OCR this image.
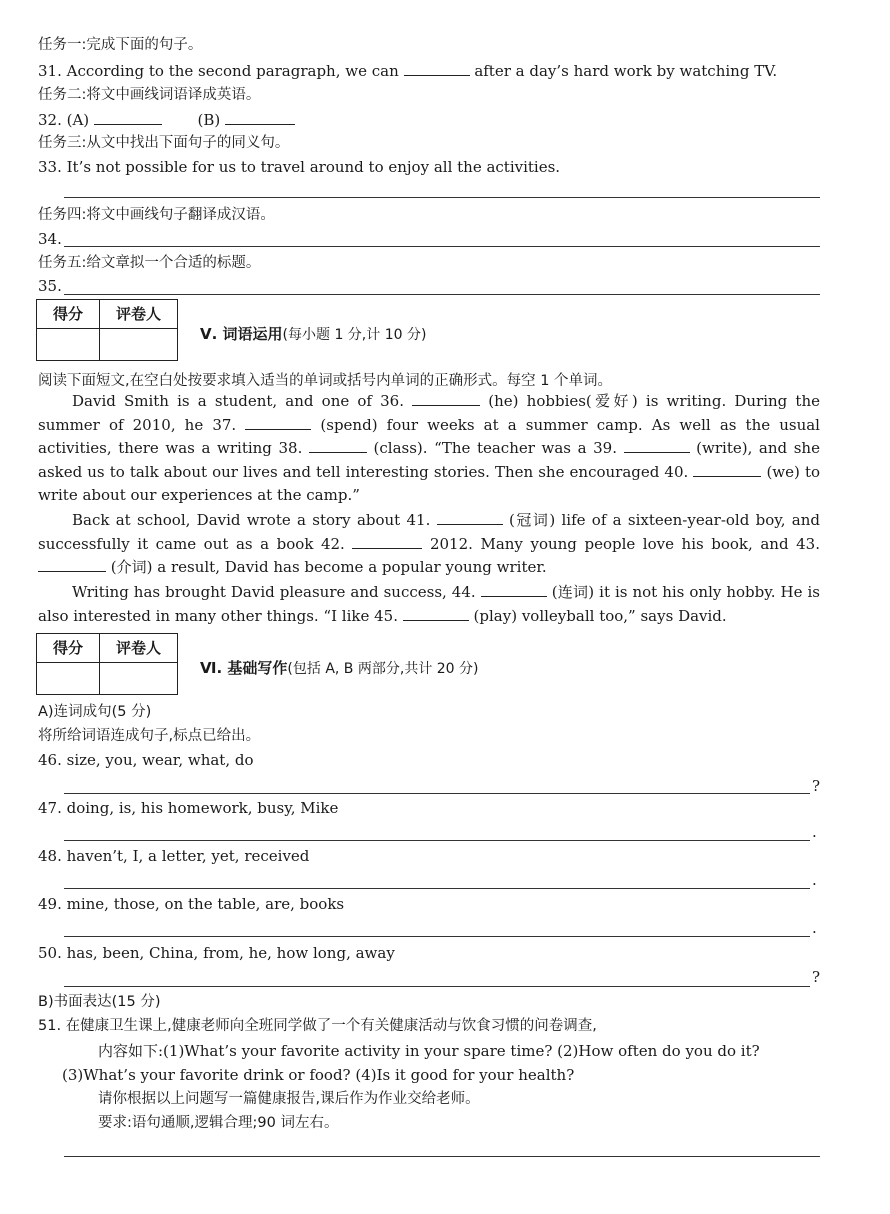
任务一:完成下面的句子。
31. According to the second paragraph, we can	after a day’s hard work by watching TV.
任务二:将文中画线词语译成英语。
32. (A)	(B)
任务三:从文中找出下面句子的同义句。
33. It’s not possible for us to travel around to enjoy all the activities.
任务四:将文中画线句子翻译成汉语。
34.
任务五:给文章拟一个合适的标题。
35.
得分	评卷人
Ⅴ. 词语运用(每小题 1 分,计 10 分)
阅读下面短文,在空白处按要求填入适当的单词或括号内单词的正确形式。每空 1 个单词。
David Smith is a student, and one of 36.	(he) hobbies(爱好) is writing. During the summer of 2010, he 37.	(spend) four weeks at a summer camp. As well as the usual activities, there was a writing 38.	(class). “The teacher was a 39.	(write), and she asked us to talk about our lives and tell interesting stories. Then she encouraged 40.	(we) to write about our experiences at the camp.”
Back at school, David wrote a story about 41.	(冠词) life of a sixteen-year-old boy, and successfully it came out as a book 42.	2012. Many young people love his book, and 43.  (介词) a result, David has become a popular young writer.
Writing has brought David pleasure and success, 44.	(连词) it is not his only hobby. He is also interested in many other things. “I like 45.	(play) volleyball too,” says David.
得分	评卷人
Ⅵ. 基础写作(包括 A, B 两部分,共计 20 分)
A)连词成句(5 分)
将所给词语连成句子,标点已给出。
46. size, you, wear, what, do
?
47. doing, is, his homework, busy, Mike
.
48. haven’t, I, a letter, yet, received
.
49. mine, those, on the table, are, books
.
50. has, been, China, from, he, how long, away
?
B)书面表达(15 分)
51. 在健康卫生课上,健康老师向全班同学做了一个有关健康活动与饮食习惯的问卷调查,
内容如下:(1)What’s your favorite activity in your spare time? (2)How often do you do it?
(3)What’s your favorite drink or food? (4)Is it good for your health?
请你根据以上问题写一篇健康报告,课后作为作业交给老师。
要求:语句通顺,逻辑合理;90 词左右。
